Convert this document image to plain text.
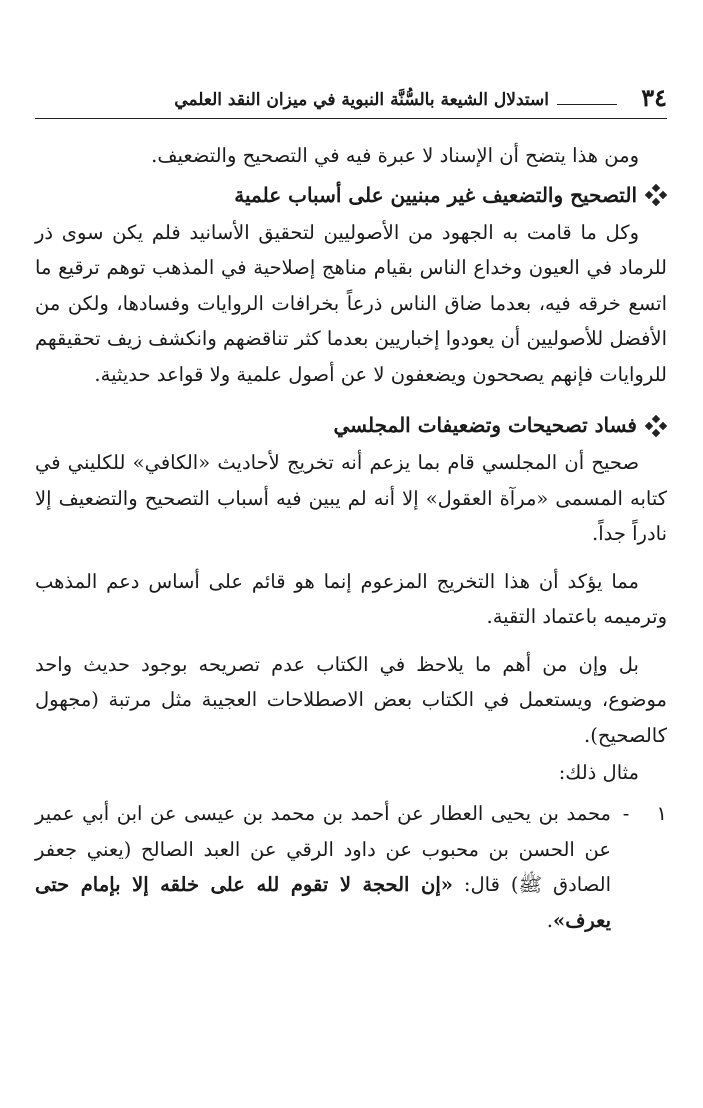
٣٤
استدلال الشيعة بالسُّنَّة النبوية في ميزان النقد العلمي

ومن هذا يتضح أن الإسناد لا عبرة فيه في التصحيح والتضعيف.

التصحيح والتضعيف غير مبنيين على أسباب علمية

وكل ما قامت به الجهود من الأصوليين لتحقيق الأسانيد فلم يكن سوى ذر للرماد في العيون وخداع الناس بقيام مناهج إصلاحية في المذهب توهم ترقيع ما اتسع خرقه فيه، بعدما ضاق الناس ذرعاً بخرافات الروايات وفسادها، ولكن من الأفضل للأصوليين أن يعودوا إخباريين بعدما كثر تناقضهم وانكشف زيف تحقيقهم للروايات فإنهم يصححون ويضعفون لا عن أصول علمية ولا قواعد حديثية.

فساد تصحيحات وتضعيفات المجلسي

صحيح أن المجلسي قام بما يزعم أنه تخريج لأحاديث «الكافي» للكليني في كتابه المسمى «مرآة العقول» إلا أنه لم يبين فيه أسباب التصحيح والتضعيف إلا نادراً جداً.

مما يؤكد أن هذا التخريج المزعوم إنما هو قائم على أساس دعم المذهب وترميمه باعتماد التقية.

بل وإن من أهم ما يلاحظ في الكتاب عدم تصريحه بوجود حديث واحد موضوع، ويستعمل في الكتاب بعض الاصطلاحات العجيبة مثل مرتبة (مجهول كالصحيح).

مثال ذلك:

١
-
محمد بن يحيى العطار عن أحمد بن محمد بن عيسى عن ابن أبي عمير عن الحسن بن محبوب عن داود الرقي عن العبد الصالح (يعني جعفر الصادق ﷺ) قال: «إن الحجة لا تقوم لله على خلقه إلا بإمام حتى يعرف».
